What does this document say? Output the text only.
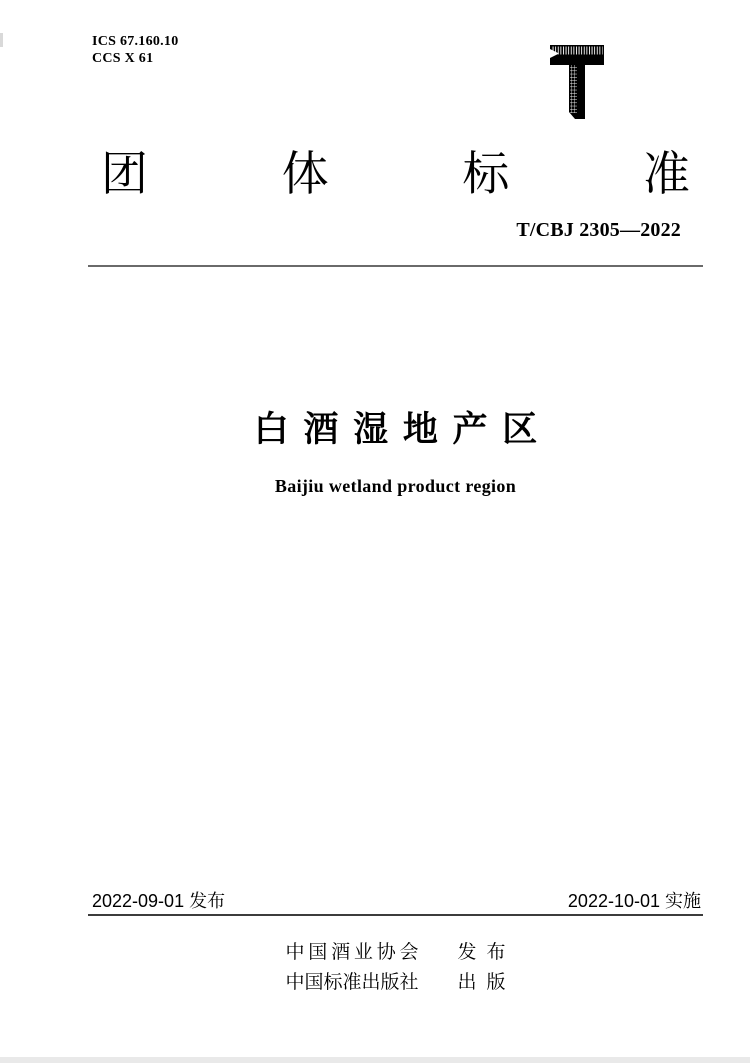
ICS 67.160.10
CCS X 61
团体标准
T/CBJ 2305—2022
白酒湿地产区
Baijiu wetland product region
2022-09-01 发布	2022-10-01 实施
中国酒业协会 发布
中国标准出版社 出版
